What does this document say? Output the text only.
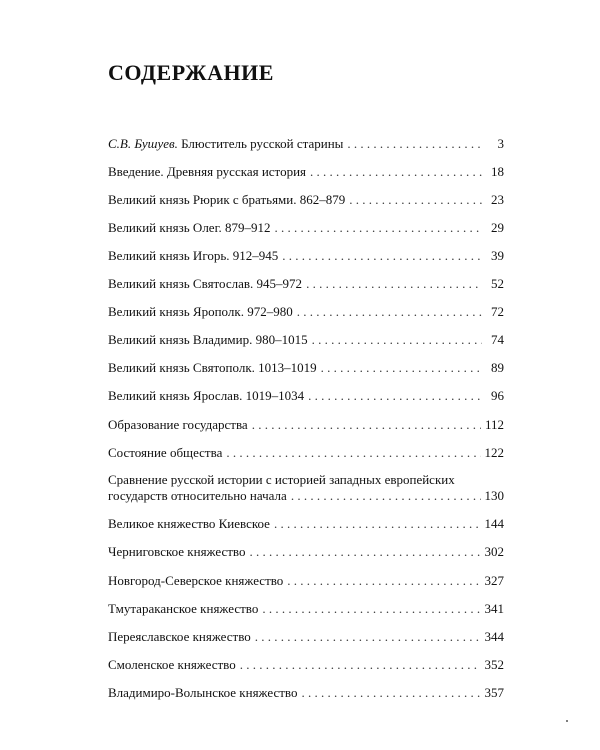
СОДЕРЖАНИЕ
С.В. Бушуев. Блюститель русской старины . . .	3
Введение. Древняя русская история . . .	18
Великий князь Рюрик с братьями. 862–879 . . .	23
Великий князь Олег. 879–912 . . .	29
Великий князь Игорь. 912–945 . . .	39
Великий князь Святослав. 945–972 . . .	52
Великий князь Ярополк. 972–980 . . .	72
Великий князь Владимир. 980–1015 . . .	74
Великий князь Святополк. 1013–1019 . . .	89
Великий князь Ярослав. 1019–1034 . . .	96
Образование государства . . .	112
Состояние общества . . .	122
Сравнение русской истории с историей западных европейских
государств относительно начала . . .	130
Великое княжество Киевское . . .	144
Черниговское княжество . . .	302
Новгород-Северское княжество . . .	327
Тмутараканское княжество . . .	341
Переяславское княжество . . .	344
Смоленское княжество . . .	352
Владимиро-Волынское княжество . . .	357
